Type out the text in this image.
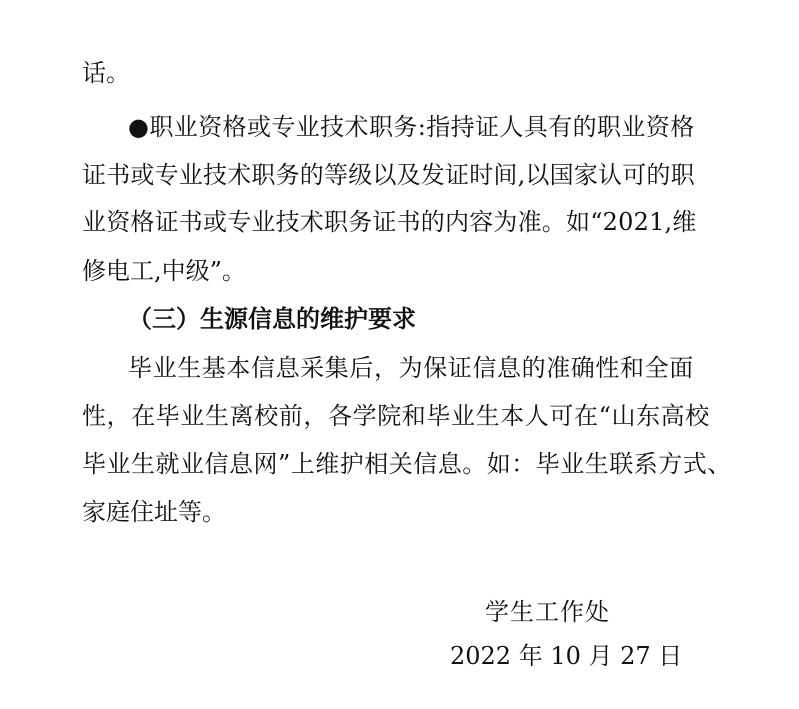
话。
●职业资格或专业技术职务:指持证人具有的职业资格
证书或专业技术职务的等级以及发证时间,以国家认可的职
业资格证书或专业技术职务证书的内容为准。如“2021,维
修电工,中级”。
（三）生源信息的维护要求
毕业生基本信息采集后，为保证信息的准确性和全面
性，在毕业生离校前，各学院和毕业生本人可在“山东高校
毕业生就业信息网”上维护相关信息。如：毕业生联系方式、
家庭住址等。
学生工作处
2022 年 10 月 27 日
